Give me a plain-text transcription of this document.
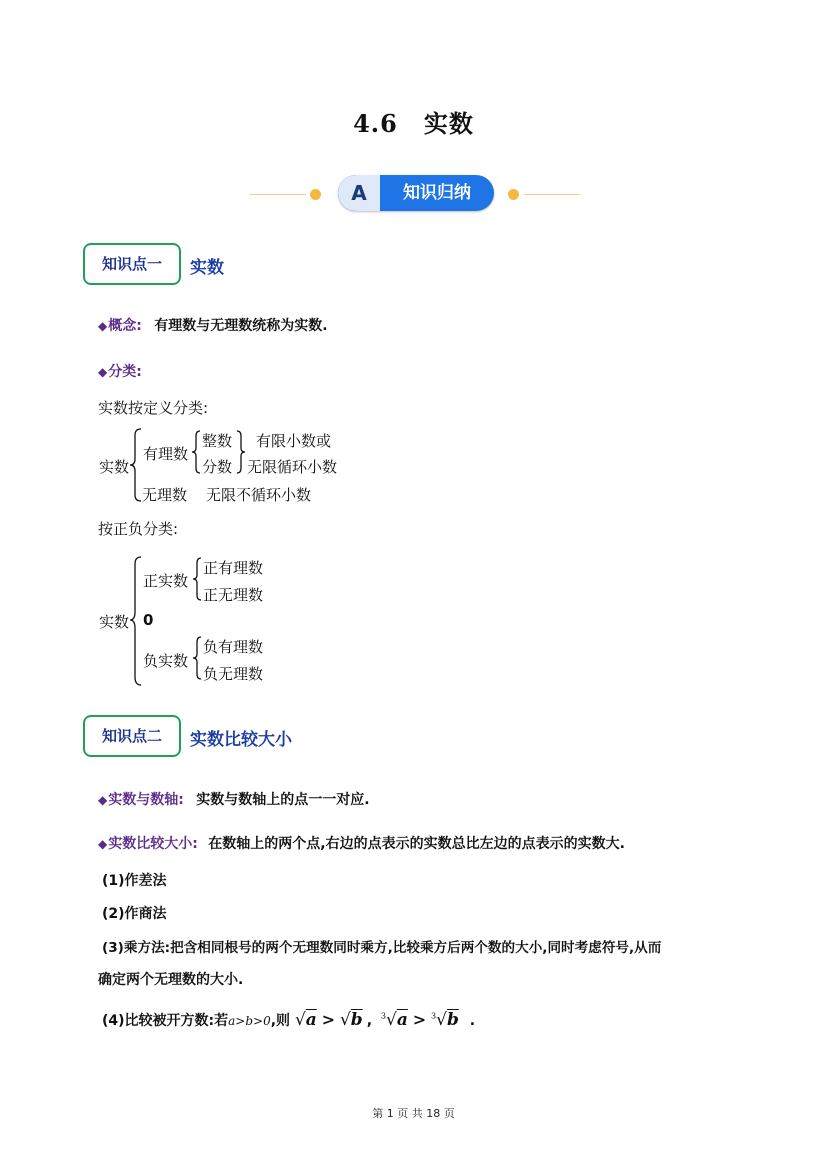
4.6 实数
A	知识归纳
知识点一	实数
◆概念: 有理数与无理数统称为实数.
◆分类:
实数按定义分类:
实数
有理数
整数
分数
有限小数或
无限循环小数
无理数 无限不循环小数
按正负分类:
实数
正实数
正有理数
正无理数
0
负实数
负有理数
负无理数
知识点二	实数比较大小
◆实数与数轴: 实数与数轴上的点一一对应.
◆实数比较大小: 在数轴上的两个点,右边的点表示的实数总比左边的点表示的实数大.
(1)作差法
(2)作商法
(3)乘方法:把含相同根号的两个无理数同时乘方,比较乘方后两个数的大小,同时考虑符号,从而
确定两个无理数的大小.
(4)比较被开方数:若a>b>0,则 √a > √b , $^3$√a > $^3$√b .
第 1 页 共 18 页
